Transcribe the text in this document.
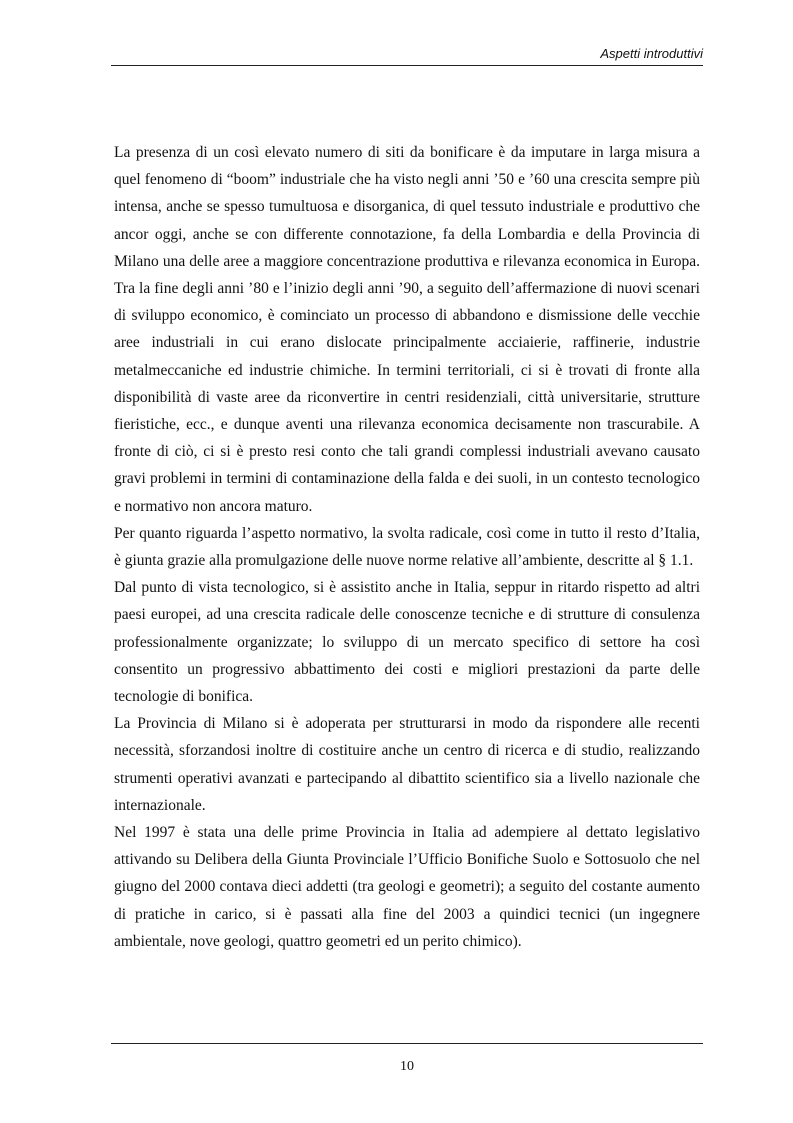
Aspetti introduttivi

La presenza di un così elevato numero di siti da bonificare è da imputare in larga misura a quel fenomeno di “boom” industriale che ha visto negli anni ’50 e ’60 una crescita sempre più intensa, anche se spesso tumultuosa e disorganica, di quel tessuto industriale e produttivo che ancor oggi, anche se con differente connotazione, fa della Lombardia e della Provincia di Milano una delle aree a maggiore concentrazione produttiva e rilevanza economica in Europa. Tra la fine degli anni ’80 e l’inizio degli anni ’90, a seguito dell’affermazione di nuovi scenari di sviluppo economico, è cominciato un processo di abbandono e dismissione delle vecchie aree industriali in cui erano dislocate principalmente acciaierie, raffinerie, industrie metalmeccaniche ed industrie chimiche. In termini territoriali, ci si è trovati di fronte alla disponibilità di vaste aree da riconvertire in centri residenziali, città universitarie, strutture fieristiche, ecc., e dunque aventi una rilevanza economica decisamente non trascurabile. A fronte di ciò, ci si è presto resi conto che tali grandi complessi industriali avevano causato gravi problemi in termini di contaminazione della falda e dei suoli, in un contesto tecnologico e normativo non ancora maturo.

Per quanto riguarda l’aspetto normativo, la svolta radicale, così come in tutto il resto d’Italia, è giunta grazie alla promulgazione delle nuove norme relative all’ambiente, descritte al § 1.1.

Dal punto di vista tecnologico, si è assistito anche in Italia, seppur in ritardo rispetto ad altri paesi europei, ad una crescita radicale delle conoscenze tecniche e di strutture di consulenza professionalmente organizzate; lo sviluppo di un mercato specifico di settore ha così consentito un progressivo abbattimento dei costi e migliori prestazioni da parte delle tecnologie di bonifica.

La Provincia di Milano si è adoperata per strutturarsi in modo da rispondere alle recenti necessità, sforzandosi inoltre di costituire anche un centro di ricerca e di studio, realizzando strumenti operativi avanzati e partecipando al dibattito scientifico sia a livello nazionale che internazionale.

Nel 1997 è stata una delle prime Provincia in Italia ad adempiere al dettato legislativo attivando su Delibera della Giunta Provinciale l’Ufficio Bonifiche Suolo e Sottosuolo che nel giugno del 2000 contava dieci addetti (tra geologi e geometri); a seguito del costante aumento di pratiche in carico, si è passati alla fine del 2003 a quindici tecnici (un ingegnere ambientale, nove geologi, quattro geometri ed un perito chimico).

10
